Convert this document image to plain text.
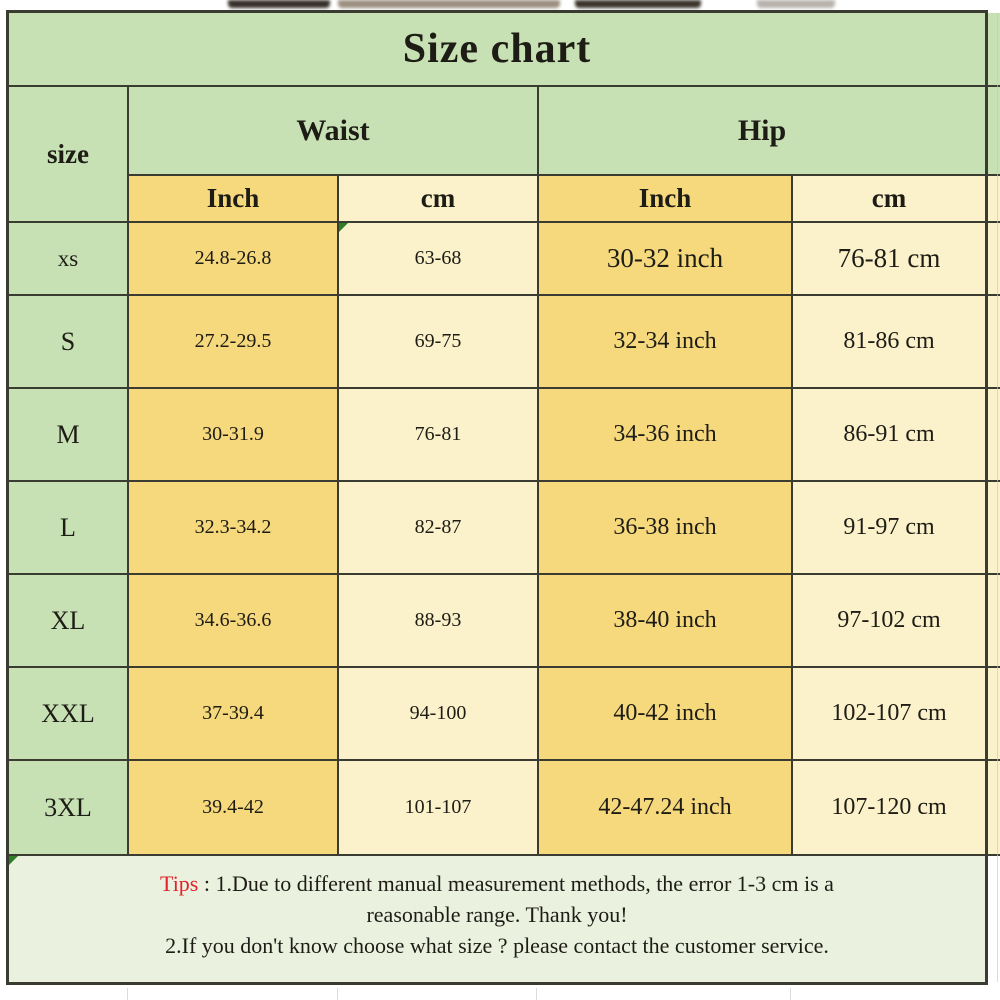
Size chart
size
Waist	Hip
Inch	cm	Inch	cm
xs	24.8-26.8	63-68	30-32 inch	76-81 cm
S	27.2-29.5	69-75	32-34 inch	81-86 cm
M	30-31.9	76-81	34-36 inch	86-91 cm
L	32.3-34.2	82-87	36-38 inch	91-97 cm
XL	34.6-36.6	88-93	38-40 inch	97-102 cm
XXL	37-39.4	94-100	40-42 inch	102-107 cm
3XL	39.4-42	101-107	42-47.24 inch	107-120 cm

Tips : 1.Due to different manual measurement methods, the error 1-3 cm is a

reasonable range. Thank you!

2.If you don't know choose what size ? please contact the customer service.
